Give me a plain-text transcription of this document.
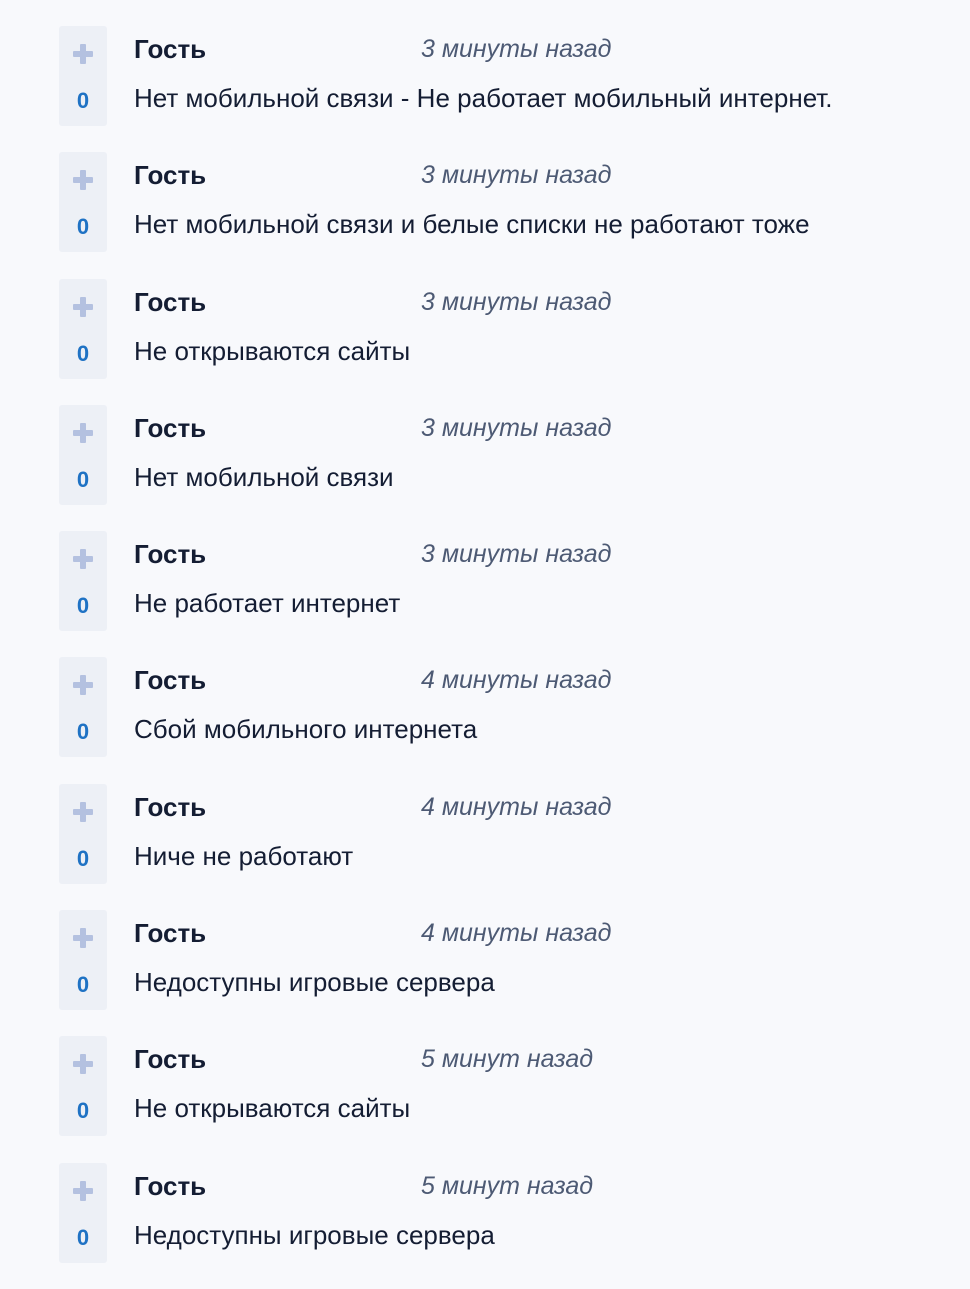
0
Гость	3 минуты назад
Нет мобильной связи - Не работает мобильный интернет.
0
Гость	3 минуты назад
Нет мобильной связи и белые списки не работают тоже
0
Гость	3 минуты назад
Не открываются сайты
0
Гость	3 минуты назад
Нет мобильной связи
0
Гость	3 минуты назад
Не работает интернет
0
Гость	4 минуты назад
Сбой мобильного интернета
0
Гость	4 минуты назад
Ниче не работают
0
Гость	4 минуты назад
Недоступны игровые сервера
0
Гость	5 минут назад
Не открываются сайты
0
Гость	5 минут назад
Недоступны игровые сервера
